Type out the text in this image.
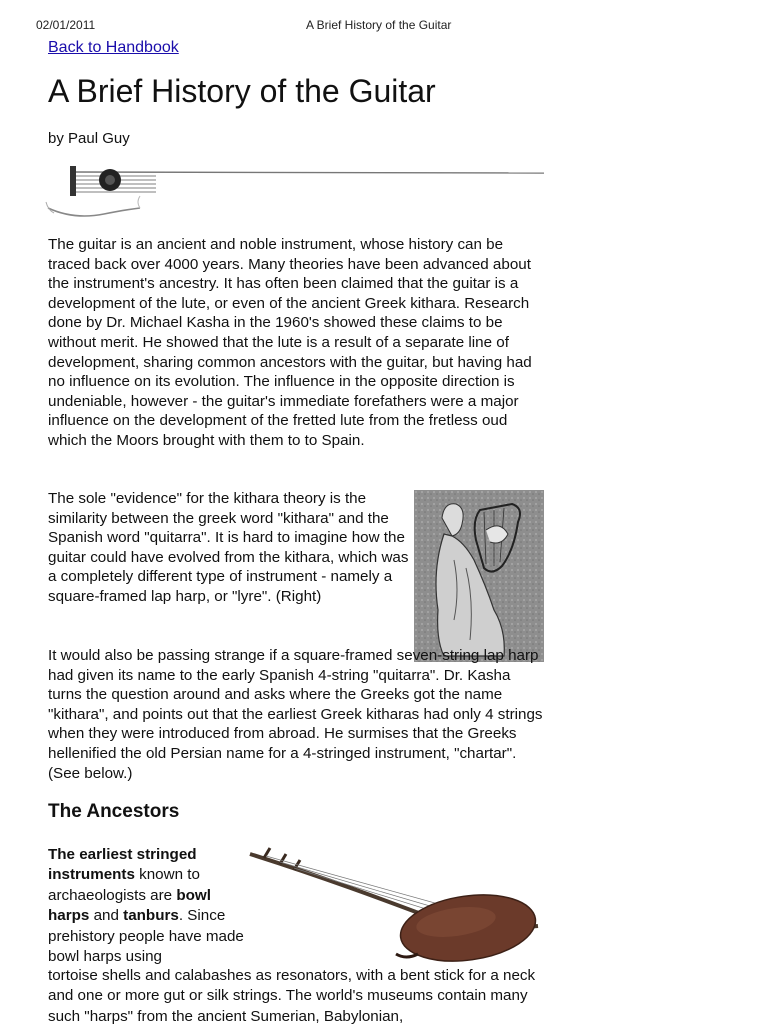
02/01/2011	A Brief History of the Guitar
Back to Handbook
A Brief History of the Guitar
by Paul Guy

The guitar is an ancient and noble instrument, whose history can be traced back over 4000 years. Many theories have been advanced about the instrument's ancestry. It has often been claimed that the guitar is a development of the lute, or even of the ancient Greek kithara. Research done by Dr. Michael Kasha in the 1960's showed these claims to be without merit. He showed that the lute is a result of a separate line of development, sharing common ancestors with the guitar, but having had no influence on its evolution. The influence in the opposite direction is undeniable, however - the guitar's immediate forefathers were a major influence on the development of the fretted lute from the fretless oud which the Moors brought with them to to Spain.

The sole "evidence" for the kithara theory is the similarity between the greek word "kithara" and the Spanish word "quitarra". It is hard to imagine how the guitar could have evolved from the kithara, which was a completely different type of instrument - namely a square-framed lap harp, or "lyre". (Right)

It would also be passing strange if a square-framed seven-string lap harp had given its name to the early Spanish 4-string "quitarra". Dr. Kasha turns the question around and asks where the Greeks got the name "kithara", and points out that the earliest Greek kitharas had only 4 strings when they were introduced from abroad. He surmises that the Greeks hellenified the old Persian name for a 4-stringed instrument, "chartar". (See below.)

The Ancestors

The earliest stringed instruments known to archaeologists are bowl harps and tanburs. Since prehistory people have made bowl harps using

tortoise shells and calabashes as resonators, with a bent stick for a neck and one or more gut or silk strings. The world's museums contain many such "harps" from the ancient Sumerian, Babylonian,
